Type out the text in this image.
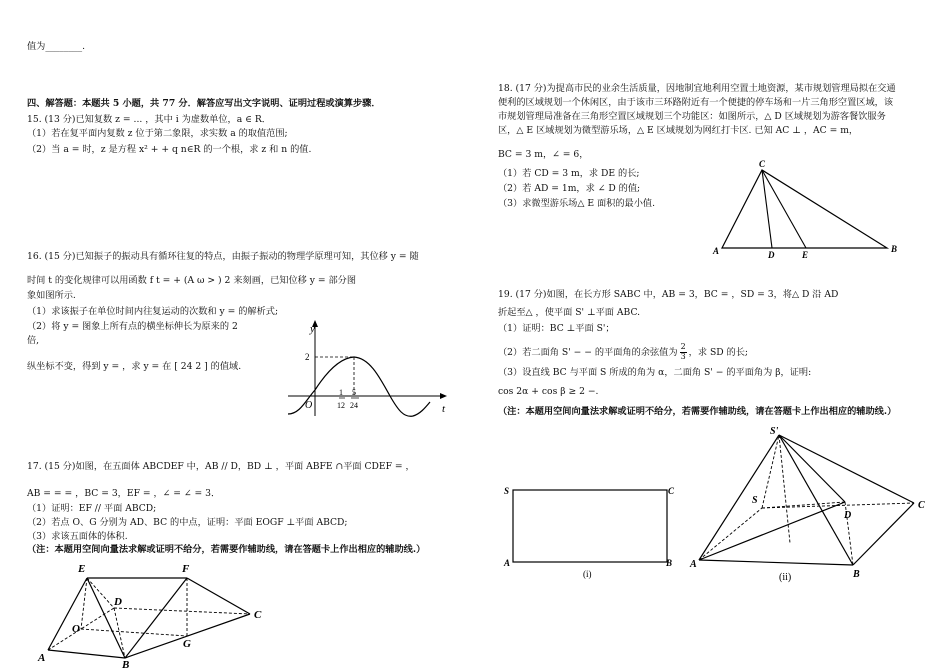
值为________.
四、解答题：本题共 5 小题，共 77 分．解答应写出文字说明、证明过程或演算步骤．
15. (13 分)已知复数 z = ... ，其中 i 为虚数单位，a ∈ R．
（1）若在复平面内复数 z 位于第二象限，求实数 a 的取值范围;
（2）当 a = 时，z 是方程 x² + + q n∈R 的一个根，求 z 和 n 的值.
16. (15 分)已知振子的振动具有循环往复的特点，由振子振动的物理学原理可知，其位移 y = 随
时间 t 的变化规律可以用函数 f t = + (A ω > ) 2 来刻画，已知位移 y = 部分图
象如图所示.
（1）求该振子在单位时间内往复运动的次数和 y = 的解析式;
（2）将 y = 图象上所有点的横坐标伸长为原来的 2
倍,
纵坐标不变，得到 y = ，求 y = 在 [ 24 2 ] 的值域.
y
t
O
2
1
12
5
24
17. (15 分)如图，在五面体 ABCDEF 中，AB // D，BD ⊥ ，平面 ABFE ∩平面 CDEF = ，
AB = = = ，BC = 3，EF = ，∠ = ∠ = 3．
（1）证明：EF // 平面 ABCD;
（2）若点 O、G 分别为 AD、BC 的中点，证明：平面 EOGF ⊥平面 ABCD;
（3）求该五面体的体积.
（注：本题用空间向量法求解或证明不给分，若需要作辅助线，请在答题卡上作出相应的辅助线.）
E	F
D
C
O
G
A
B
18. (17 分)为提高市民的业余生活质量，因地制宜地利用空置土地资源，某市规划管理局拟在交通
便利的区域规划一个休闲区，由于该市三环路附近有一个便捷的停车场和一片三角形空置区域，该
市规划管理局准备在三角形空置区域规划三个功能区：如图所示，△ D 区域规划为游客餐饮服务
区，△ E 区域规划为微型游乐场，△ E 区域规划为网红打卡区. 已知 AC ⊥ ，AC = m，
BC = 3 m，∠ = 6，
（1）若 CD = 3 m，求 DE 的长;
（2）若 AD = 1m，求 ∠ D 的值;
（3）求微型游乐场△ E 面积的最小值.
C
A	D	E
B
19. (17 分)如图，在长方形 SABC 中，AB = 3，BC = ，SD = 3，将△ D 沿 AD
折起至△ ，使平面 S' ⊥平面 ABC.
（1）证明：BC ⊥平面 S'；
（2）若二面角 S' − − 的平面角的余弦值为 $\frac{2}{3}$ ，求 SD 的长;
（3）设直线 BC 与平面 S 所成的角为 α，二面角 S' − 的平面角为 β，证明:
cos 2α + cos β ≥ 2 −.
（注：本题用空间向量法求解或证明不给分，若需要作辅助线，请在答题卡上作出相应的辅助线.）
S	C
A	B
(i)
S'
S
D
C
A
B
(ii)
